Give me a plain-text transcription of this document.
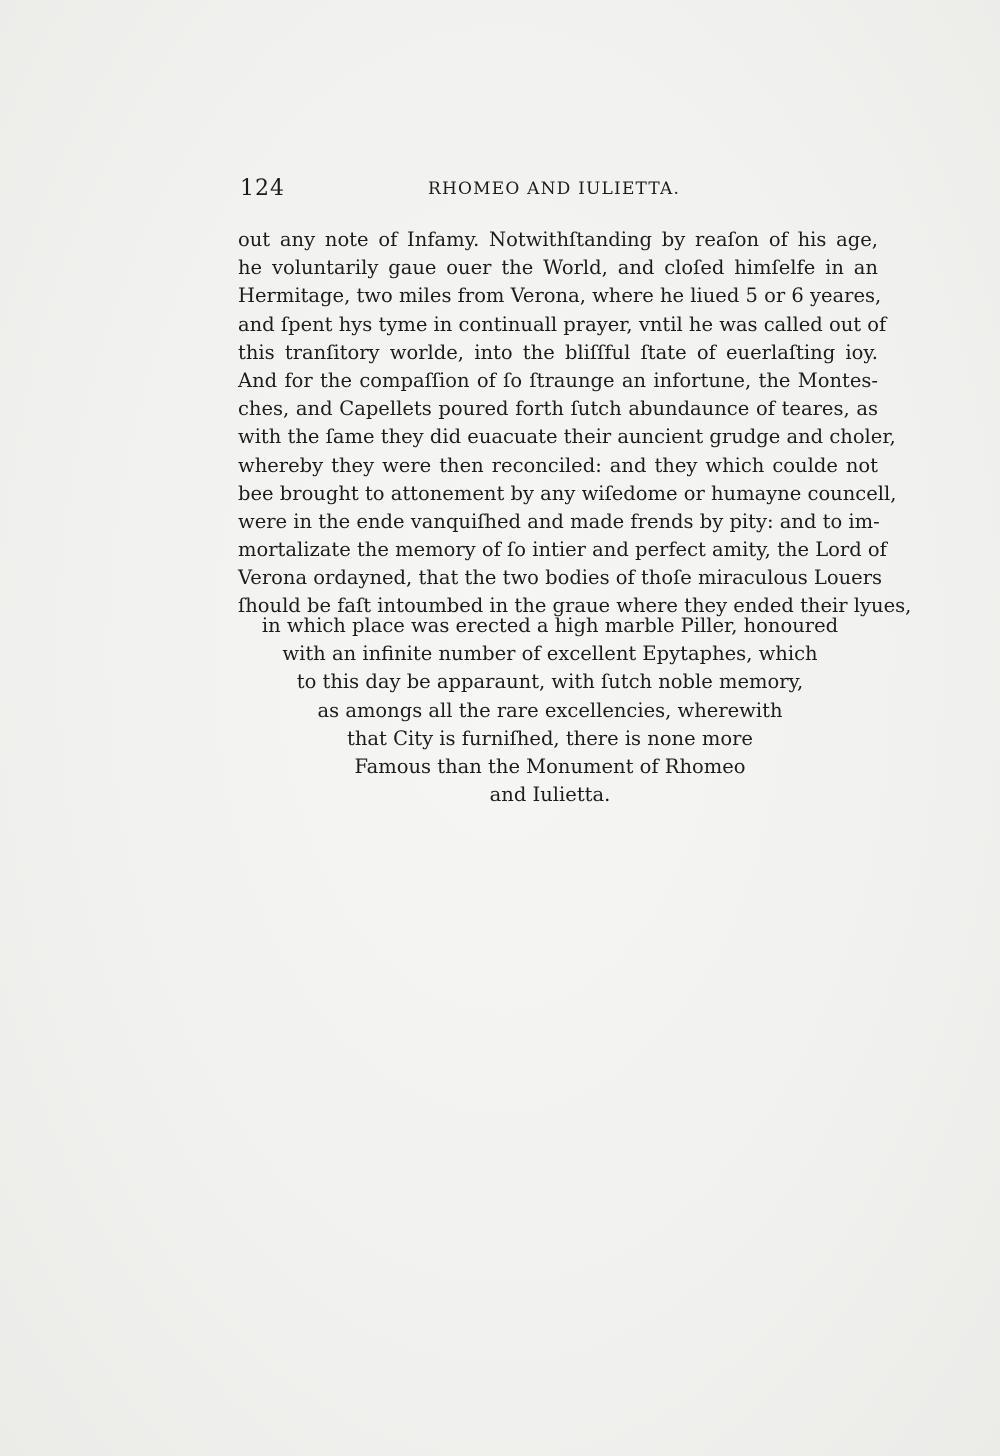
124	RHOMEO AND IULIETTA.
out any note of Infamy. Notwithſtanding by reaſon of his age,
he voluntarily gaue ouer the World, and cloſed himſelfe in an
Hermitage, two miles from Verona, where he liued 5 or 6 yeares,
and ſpent hys tyme in continuall prayer, vntil he was called out of
this tranſitory worlde, into the bliſſful ſtate of euerlaſting ioy.
And for the compaſſion of ſo ſtraunge an infortune, the Montes-
ches, and Capellets poured forth ſutch abundaunce of teares, as
with the ſame they did euacuate their auncient grudge and choler,
whereby they were then reconciled: and they which coulde not
bee brought to attonement by any wiſedome or humayne councell,
were in the ende vanquiſhed and made frends by pity: and to im-
mortalizate the memory of ſo intier and perfect amity, the Lord of
Verona ordayned, that the two bodies of thoſe miraculous Louers
ſhould be faſt intoumbed in the graue where they ended their lyues,
in which place was erected a high marble Piller, honoured
with an infinite number of excellent Epytaphes, which
to this day be apparaunt, with ſutch noble memory,
as amongs all the rare excellencies, wherewith
that City is furniſhed, there is none more
Famous than the Monument of Rhomeo
and Iulietta.
